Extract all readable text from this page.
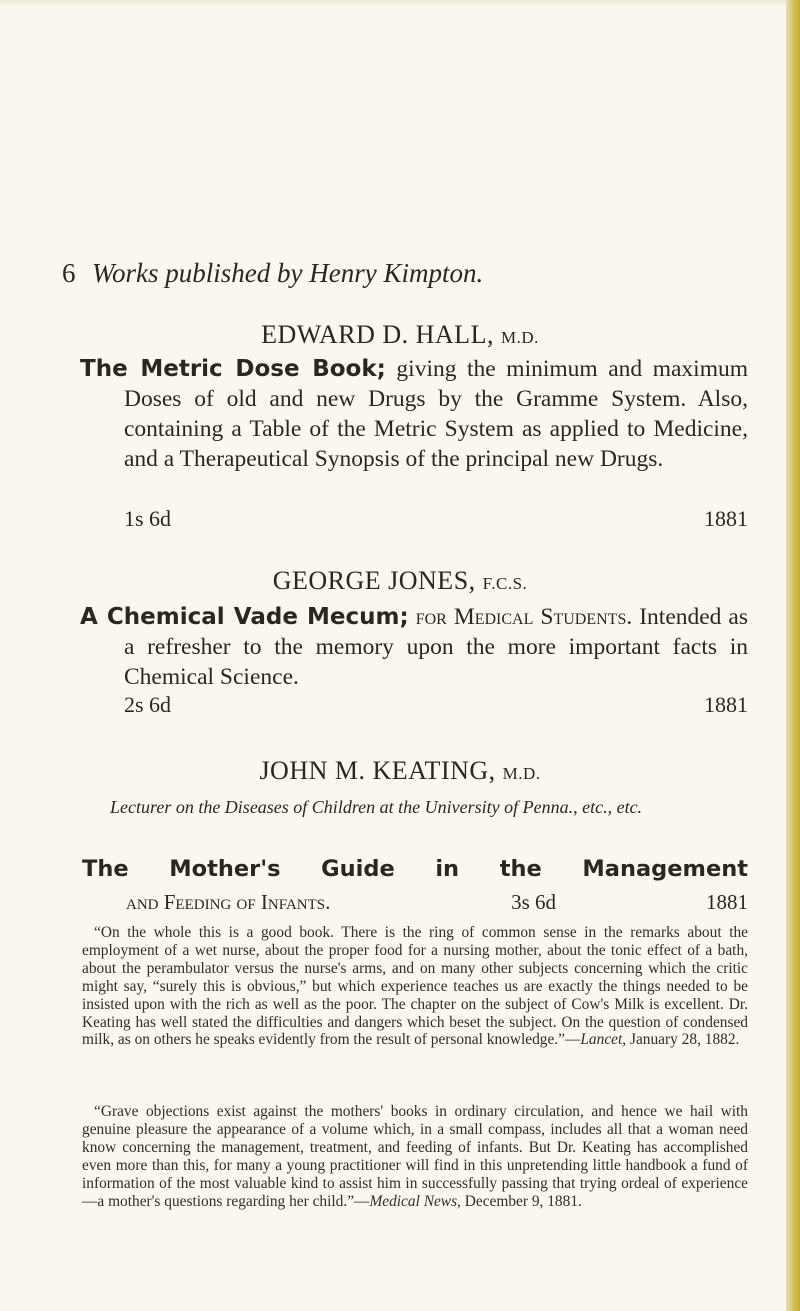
6 Works published by Henry Kimpton.
EDWARD D. HALL, M.D.
The Metric Dose Book; giving the minimum and maximum Doses of old and new Drugs by the Gramme System. Also, containing a Table of the Metric System as applied to Medicine, and a Therapeutical Synopsis of the principal new Drugs.
1s 6d	1881
GEORGE JONES, F.C.S.
A Chemical Vade Mecum; for Medical Students. Intended as a refresher to the memory upon the more important facts in Chemical Science.
2s 6d	1881
JOHN M. KEATING, M.D.
Lecturer on the Diseases of Children at the University of Penna., etc., etc.
The Mother's Guide in the Management
and Feeding of Infants.	3s 6d	1881

“On the whole this is a good book. There is the ring of common sense in the remarks about the employment of a wet nurse, about the proper food for a nursing mother, about the tonic effect of a bath, about the perambulator versus the nurse's arms, and on many other subjects concerning which the critic might say, “surely this is obvious,” but which experience teaches us are exactly the things needed to be insisted upon with the rich as well as the poor. The chapter on the subject of Cow's Milk is excellent. Dr. Keating has well stated the difficulties and dangers which beset the subject. On the question of condensed milk, as on others he speaks evidently from the result of personal knowledge.”—Lancet, January 28, 1882.

“Grave objections exist against the mothers' books in ordinary circulation, and hence we hail with genuine pleasure the appearance of a volume which, in a small compass, includes all that a woman need know concerning the management, treatment, and feeding of infants. But Dr. Keating has accomplished even more than this, for many a young practitioner will find in this unpretending little handbook a fund of information of the most valuable kind to assist him in successfully passing that trying ordeal of experience—a mother's questions regarding her child.”—Medical News, December 9, 1881.
